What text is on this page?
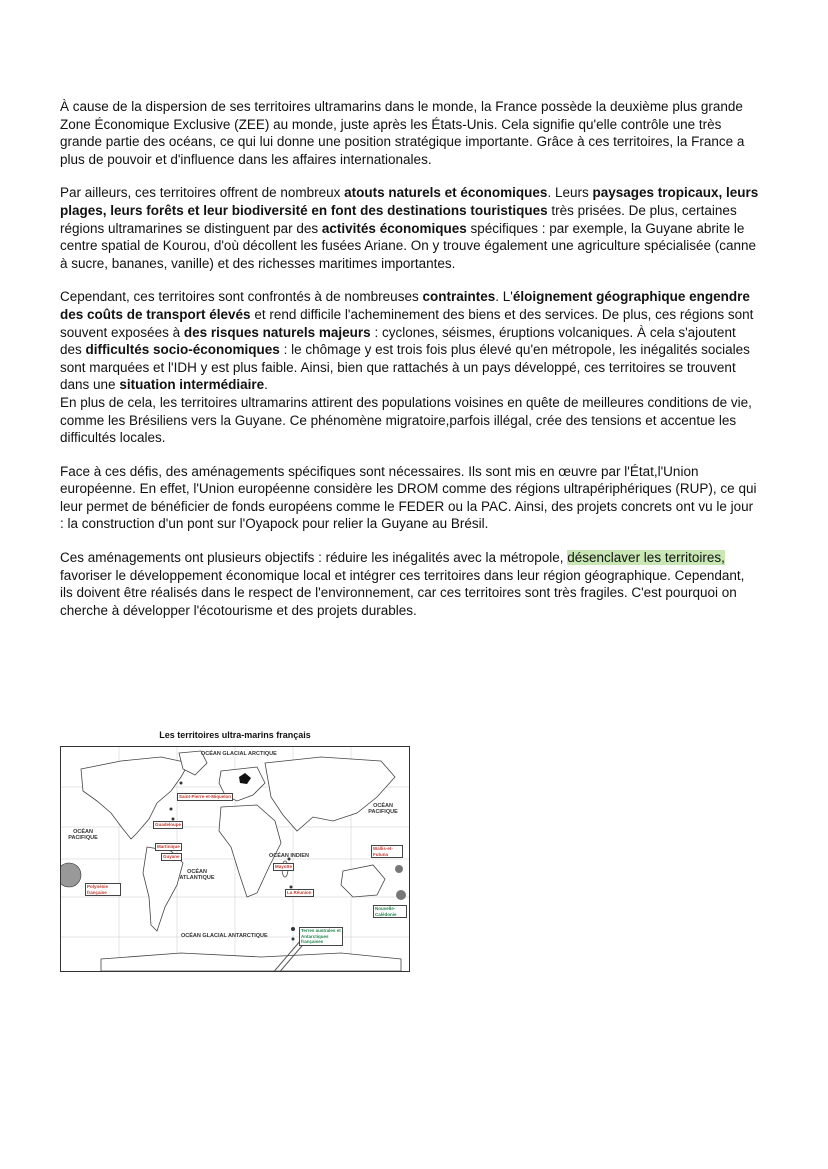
À cause de la dispersion de ses territoires ultramarins dans le monde, la France possède la deuxième plus grande Zone Économique Exclusive (ZEE) au monde, juste après les États-Unis. Cela signifie qu'elle contrôle une très grande partie des océans, ce qui lui donne une position stratégique importante. Grâce à ces territoires, la France a plus de pouvoir et d'influence dans les affaires internationales.

Par ailleurs, ces territoires offrent de nombreux atouts naturels et économiques. Leurs paysages tropicaux, leurs plages, leurs forêts et leur biodiversité en font des destinations touristiques très prisées. De plus, certaines régions ultramarines se distinguent par des activités économiques spécifiques : par exemple, la Guyane abrite le centre spatial de Kourou, d'où décollent les fusées Ariane. On y trouve également une agriculture spécialisée (canne à sucre, bananes, vanille) et des richesses maritimes importantes.

Cependant, ces territoires sont confrontés à de nombreuses contraintes. L'éloignement géographique engendre des coûts de transport élevés et rend difficile l'acheminement des biens et des services. De plus, ces régions sont souvent exposées à des risques naturels majeurs : cyclones, séismes, éruptions volcaniques. À cela s'ajoutent des difficultés socio-économiques : le chômage y est trois fois plus élevé qu'en métropole, les inégalités sociales sont marquées et l'IDH y est plus faible. Ainsi, bien que rattachés à un pays développé, ces territoires se trouvent dans une situation intermédiaire.

En plus de cela, les territoires ultramarins attirent des populations voisines en quête de meilleures conditions de vie, comme les Brésiliens vers la Guyane. Ce phénomène migratoire,parfois illégal, crée des tensions et accentue les difficultés locales.

Face à ces défis, des aménagements spécifiques sont nécessaires. Ils sont mis en œuvre par l'État,l'Union européenne. En effet, l'Union européenne considère les DROM comme des régions ultrapériphériques (RUP), ce qui leur permet de bénéficier de fonds européens comme le FEDER ou la PAC. Ainsi, des projets concrets ont vu le jour : la construction d'un pont sur l'Oyapock pour relier la Guyane au Brésil.

Ces aménagements ont plusieurs objectifs : réduire les inégalités avec la métropole, désenclaver les territoires, favoriser le développement économique local et intégrer ces territoires dans leur région géographique. Cependant, ils doivent être réalisés dans le respect de l'environnement, car ces territoires sont très fragiles. C'est pourquoi on cherche à développer l'écotourisme et des projets durables.

Les territoires ultra-marins français
OCÉAN GLACIAL ARCTIQUE
OCÉAN PACIFIQUE
OCÉAN PACIFIQUE
OCÉAN INDIEN
OCÉAN ATLANTIQUE
OCÉAN GLACIAL ANTARCTIQUE
Saint-Pierre-et-Miquelon
Guadeloupe
Martinique
Guyane
Mayotte
La Réunion
Polynésie française
Wallis-et-Futuna
Nouvelle-Calédonie
Terres australes et Antarctiques françaises
